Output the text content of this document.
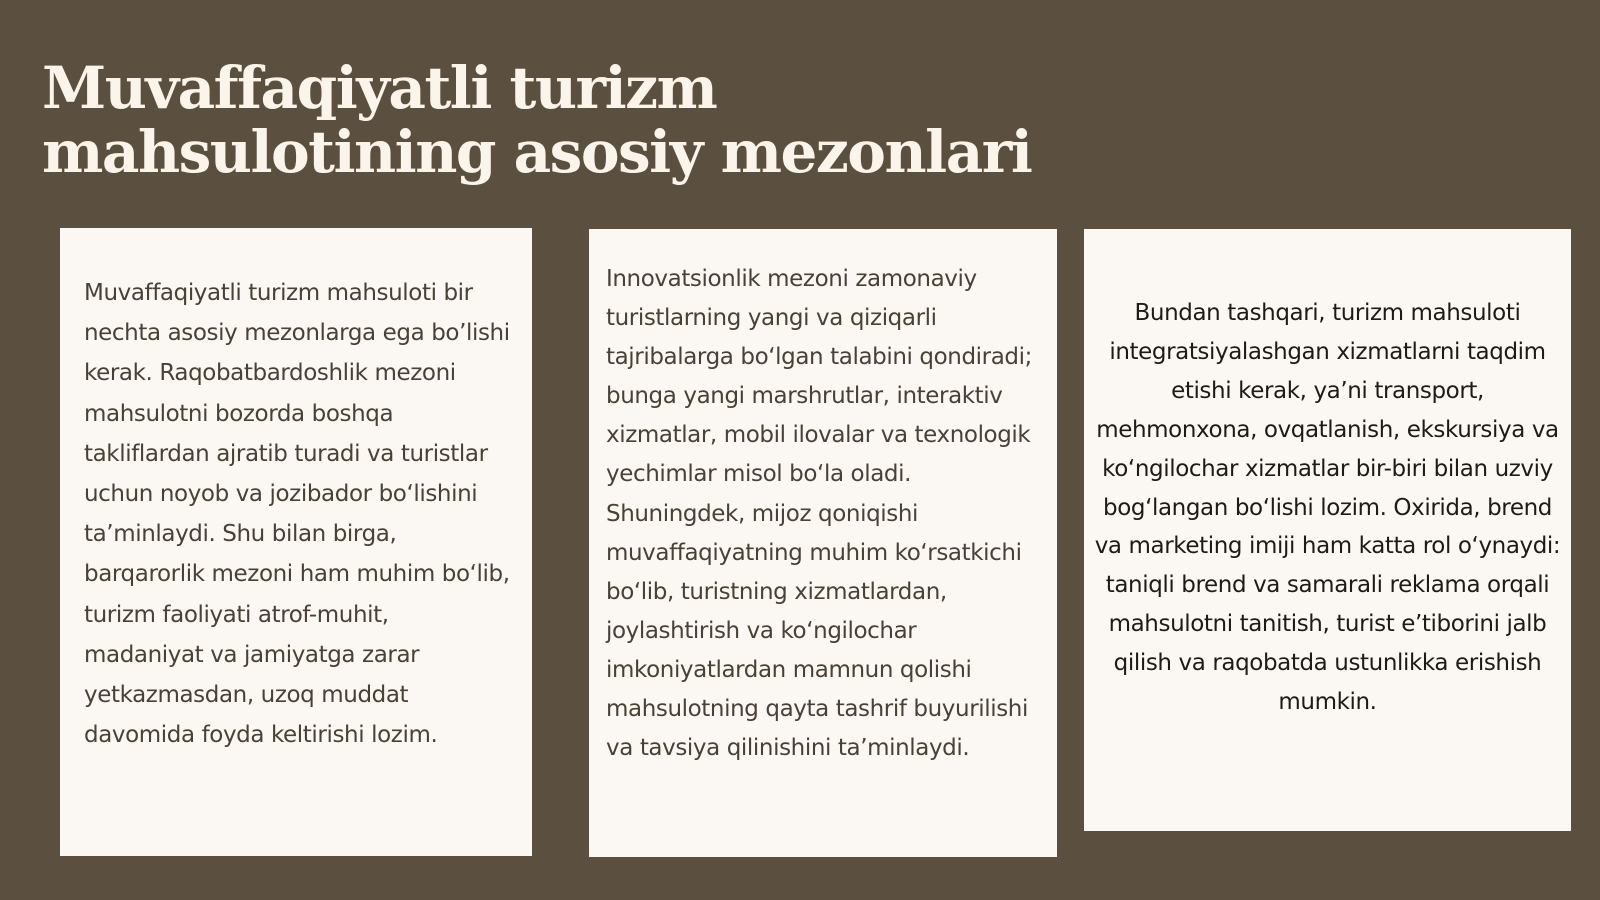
Muvaffaqiyatli turizm
mahsulotining asosiy mezonlari

Muvaffaqiyatli turizm mahsuloti bir nechta asosiy mezonlarga ega bo’lishi kerak. Raqobatbardoshlik mezoni mahsulotni bozorda boshqa takliflardan ajratib turadi va turistlar uchun noyob va jozibador bo‘lishini ta’minlaydi. Shu bilan birga, barqarorlik mezoni ham muhim bo‘lib, turizm faoliyati atrof-muhit, madaniyat va jamiyatga zarar yetkazmasdan, uzoq muddat davomida foyda keltirishi lozim.

Innovatsionlik mezoni zamonaviy turistlarning yangi va qiziqarli tajribalarga bo‘lgan talabini qondiradi; bunga yangi marshrutlar, interaktiv xizmatlar, mobil ilovalar va texnologik yechimlar misol bo‘la oladi. Shuningdek, mijoz qoniqishi muvaffaqiyatning muhim ko‘rsatkichi bo‘lib, turistning xizmatlardan, joylashtirish va ko‘ngilochar imkoniyatlardan mamnun qolishi mahsulotning qayta tashrif buyurilishi va tavsiya qilinishini ta’minlaydi.

Bundan tashqari, turizm mahsuloti integratsiyalashgan xizmatlarni taqdim etishi kerak, ya’ni transport, mehmonxona, ovqatlanish, ekskursiya va ko‘ngilochar xizmatlar bir-biri bilan uzviy bog‘langan bo‘lishi lozim. Oxirida, brend va marketing imiji ham katta rol o‘ynaydi: taniqli brend va samarali reklama orqali mahsulotni tanitish, turist e’tiborini jalb qilish va raqobatda ustunlikka erishish mumkin.
